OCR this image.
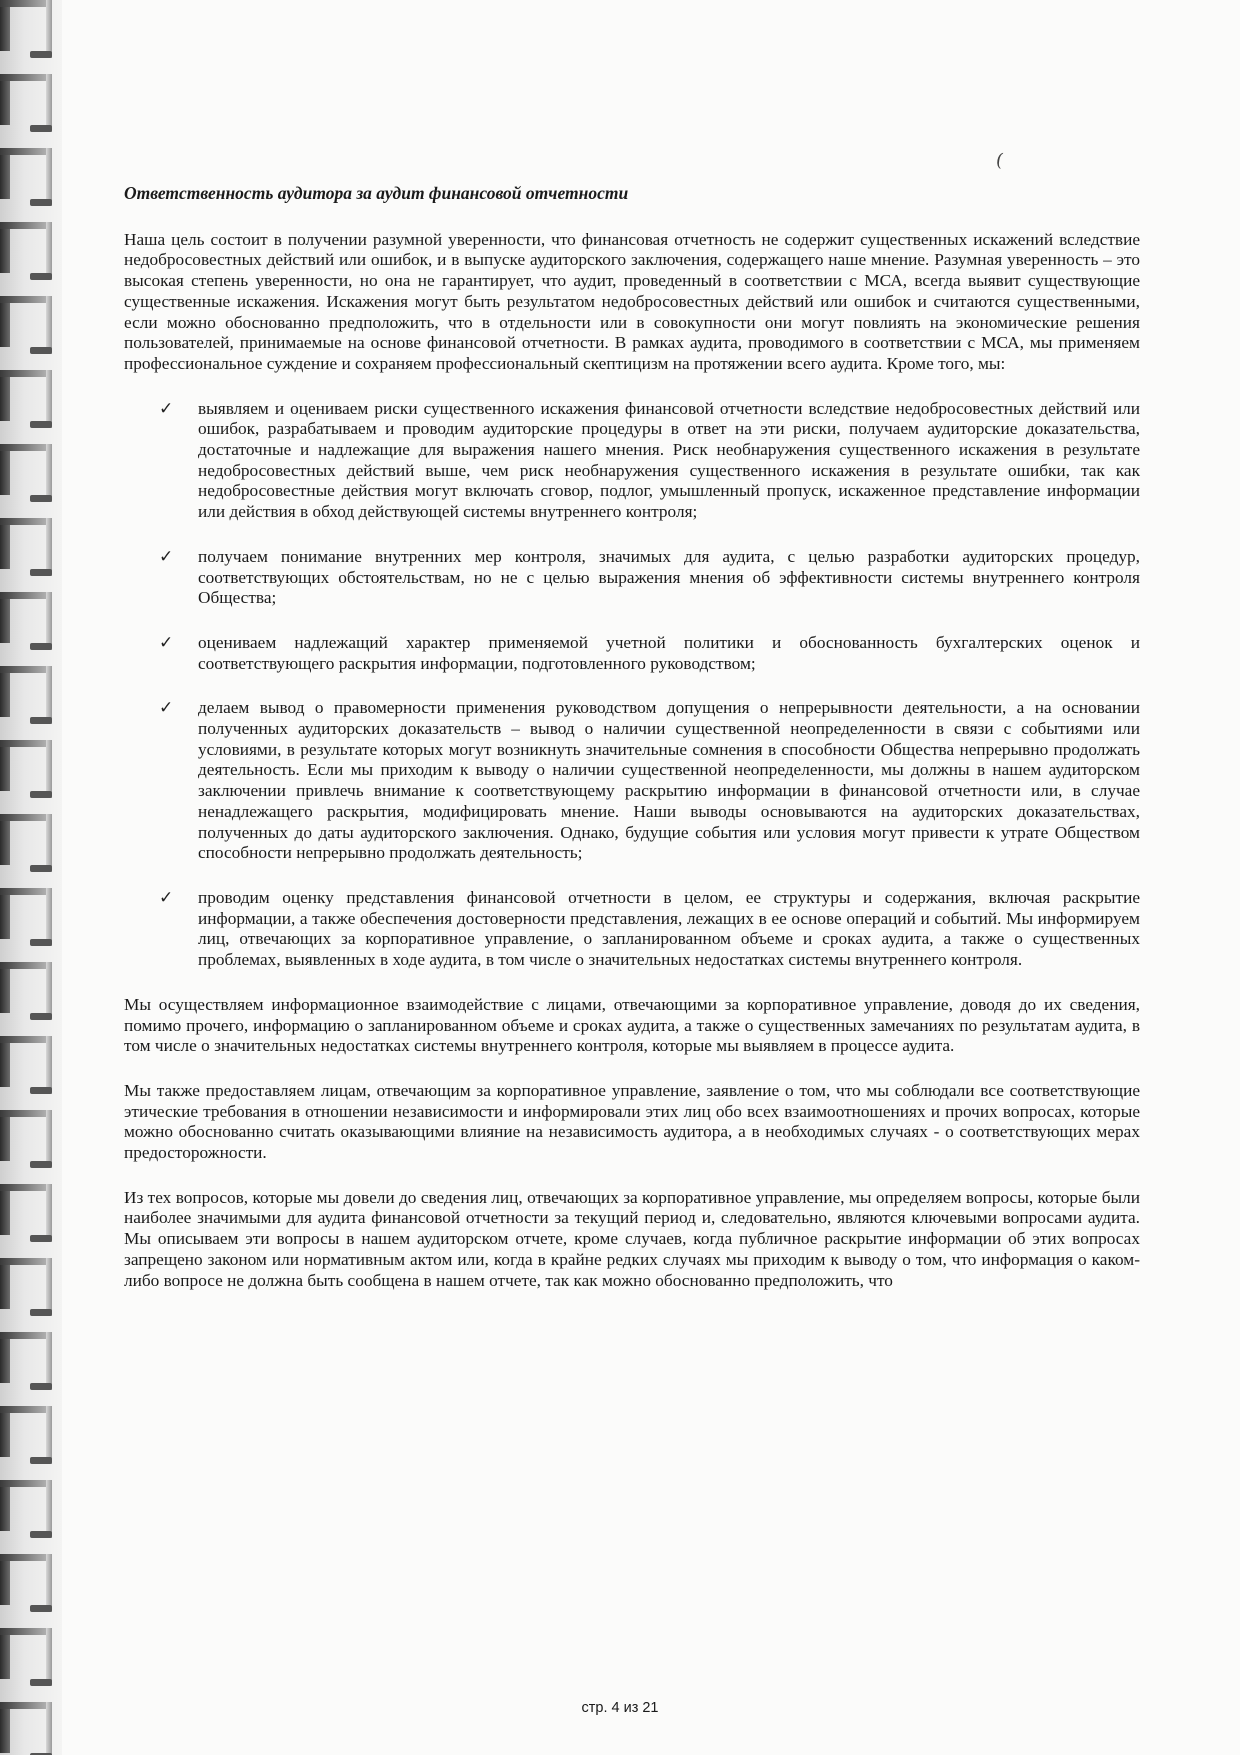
(
Ответственность аудитора за аудит финансовой отчетности

Наша цель состоит в получении разумной уверенности, что финансовая отчетность не содержит существенных искажений вследствие недобросовестных действий или ошибок, и в выпуске аудиторского заключения, содержащего наше мнение. Разумная уверенность – это высокая степень уверенности, но она не гарантирует, что аудит, проведенный в соответствии с МСА, всегда выявит существующие существенные искажения. Искажения могут быть результатом недобросовестных действий или ошибок и считаются существенными, если можно обоснованно предположить, что в отдельности или в совокупности они могут повлиять на экономические решения пользователей, принимаемые на основе финансовой отчетности. В рамках аудита, проводимого в соответствии с МСА, мы применяем профессиональное суждение и сохраняем профессиональный скептицизм на протяжении всего аудита. Кроме того, мы:

✓ выявляем и оцениваем риски существенного искажения финансовой отчетности вследствие недобросовестных действий или ошибок, разрабатываем и проводим аудиторские процедуры в ответ на эти риски, получаем аудиторские доказательства, достаточные и надлежащие для выражения нашего мнения. Риск необнаружения существенного искажения в результате недобросовестных действий выше, чем риск необнаружения существенного искажения в результате ошибки, так как недобросовестные действия могут включать сговор, подлог, умышленный пропуск, искаженное представление информации или действия в обход действующей системы внутреннего контроля;
✓ получаем понимание внутренних мер контроля, значимых для аудита, с целью разработки аудиторских процедур, соответствующих обстоятельствам, но не с целью выражения мнения об эффективности системы внутреннего контроля Общества;
✓ оцениваем надлежащий характер применяемой учетной политики и обоснованность бухгалтерских оценок и соответствующего раскрытия информации, подготовленного руководством;
✓ делаем вывод о правомерности применения руководством допущения о непрерывности деятельности, а на основании полученных аудиторских доказательств – вывод о наличии существенной неопределенности в связи с событиями или условиями, в результате которых могут возникнуть значительные сомнения в способности Общества непрерывно продолжать деятельность. Если мы приходим к выводу о наличии существенной неопределенности, мы должны в нашем аудиторском заключении привлечь внимание к соответствующему раскрытию информации в финансовой отчетности или, в случае ненадлежащего раскрытия, модифицировать мнение. Наши выводы основываются на аудиторских доказательствах, полученных до даты аудиторского заключения. Однако, будущие события или условия могут привести к утрате Обществом способности непрерывно продолжать деятельность;
✓ проводим оценку представления финансовой отчетности в целом, ее структуры и содержания, включая раскрытие информации, а также обеспечения достоверности представления, лежащих в ее основе операций и событий. Мы информируем лиц, отвечающих за корпоративное управление, о запланированном объеме и сроках аудита, а также о существенных проблемах, выявленных в ходе аудита, в том числе о значительных недостатках системы внутреннего контроля.

Мы осуществляем информационное взаимодействие с лицами, отвечающими за корпоративное управление, доводя до их сведения, помимо прочего, информацию о запланированном объеме и сроках аудита, а также о существенных замечаниях по результатам аудита, в том числе о значительных недостатках системы внутреннего контроля, которые мы выявляем в процессе аудита.

Мы также предоставляем лицам, отвечающим за корпоративное управление, заявление о том, что мы соблюдали все соответствующие этические требования в отношении независимости и информировали этих лиц обо всех взаимоотношениях и прочих вопросах, которые можно обоснованно считать оказывающими влияние на независимость аудитора, а в необходимых случаях - о соответствующих мерах предосторожности.

Из тех вопросов, которые мы довели до сведения лиц, отвечающих за корпоративное управление, мы определяем вопросы, которые были наиболее значимыми для аудита финансовой отчетности за текущий период и, следовательно, являются ключевыми вопросами аудита. Мы описываем эти вопросы в нашем аудиторском отчете, кроме случаев, когда публичное раскрытие информации об этих вопросах запрещено законом или нормативным актом или, когда в крайне редких случаях мы приходим к выводу о том, что информация о каком-либо вопросе не должна быть сообщена в нашем отчете, так как можно обоснованно предположить, что

стр. 4 из 21
